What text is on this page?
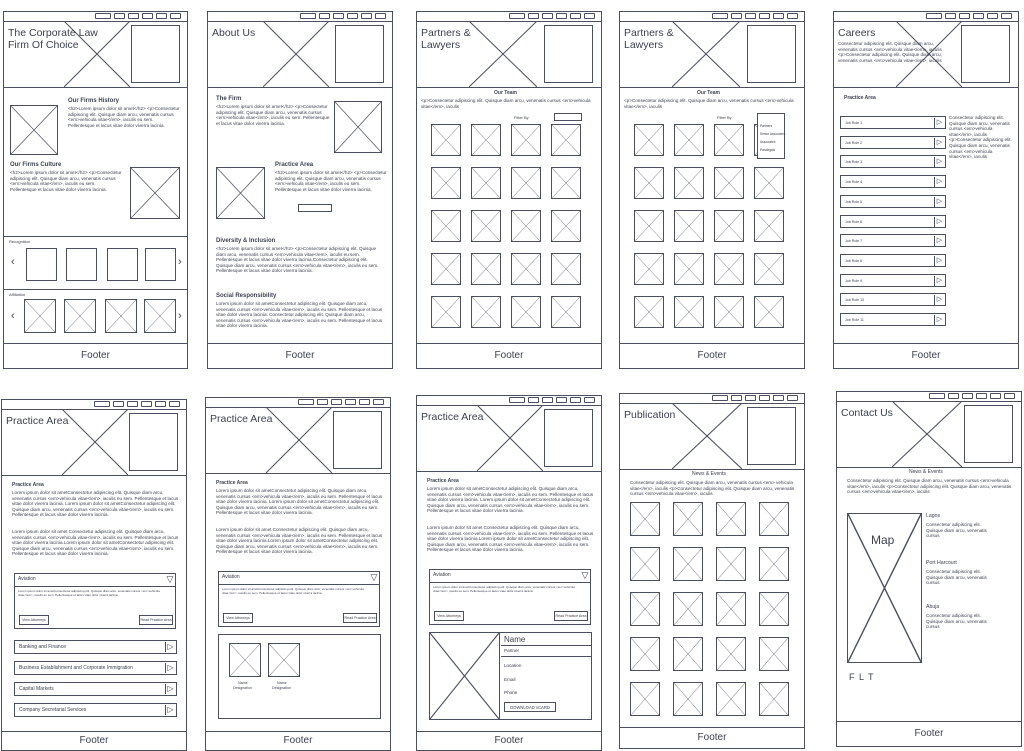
The Corporate Law Firm Of Choice
Our Firms History
<h2>Lorem ipsum dolor sit amet</h2> <p>Consectetur adipiscing elit. Quisque diam arcu, venenatis cursus <em>vehicula vitae</em>, iaculis eu sem. Pellentesque et lacus vitae dolor viverra lacinia.
Our Firms Culture
<h2>Lorem ipsum dolor sit amet</h2> <p>Consectetur adipiscing elit. Quisque diam arcu, venenatis cursus <em>vehicula vitae</em>, iaculis eu sem. Pellentesque et lacus vitae dolor viverra lacinia.
Recognition
‹	›
Affiliation
‹	›
Footer
About Us
The Firm
<h2>Lorem ipsum dolor sit amet</h2> <p>Consectetur adipiscing elit. Quisque diam arcu, venenatis cursus <em>vehicula vitae</em>, iaculis eu sem. Pellentesque et lacus vitae dolor viverra lacinia.
Practice Area
<h2>Lorem ipsum dolor sit amet</h2> <p>Consectetur adipiscing elit. Quisque diam arcu, venenatis cursus <em>vehicula vitae</em>, iaculis eu sem. Pellentesque et lacus vitae dolor viverra lacinia.
Diversity & Inclusion
<h2>Lorem ipsum dolor sit amet</h2> <p>Consectetur adipiscing elit. Quisque diam arcu, venenatis cursus <em>vehicula vitae</em>, iaculis eu sem. Pellentesque et lacus vitae dolor viverra lacinia.Consectetur adipiscing elit. Quisque diam arcu, venenatis cursus <em>vehicula vitae</em>, iaculis eu sem. Pellentesque et lacus vitae dolor viverra lacinia.
Social Responsibility
Lorem ipsum dolor sit ametConsectetur adipiscing elit. Quisque diam arcu, venenatis cursus <em>vehicula vitae</em>, iaculis eu sem. Pellentesque et lacus vitae dolor viverra lacinia. Consectetur adipiscing elit. Quisque diam arcu, venenatis cursus <em>vehicula vitae</em>, iaculis eu sem. Pellentesque et lacus vitae dolor viverra lacinia.
Footer
Partners & Lawyers
Our Team
<p>Consectetur adipiscing elit. Quisque diam arcu, venenatis cursus <em>vehicula vitae</em>, iaculis
Filter By
Footer
Partners & Lawyers
Our Team
<p>Consectetur adipiscing elit. Quisque diam arcu, venenatis cursus <em>vehicula vitae</em>, iaculis
Filter By
Partners
Senior Associates
Associates
Paralegals
Footer
Careers
Consectetur adipiscing elit. Quisque diam arcu, venenatis cursus <em>vehicula vitae</em>, iaculis <p>Consectetur adipiscing elit. Quisque diam arcu, venenatis cursus <em>vehicula vitae</em>, iaculis
Practice Area
Job Role 1	▷
Job Role 2	▷
Job Role 3	▷
Job Role 4	▷
Job Role 5	▷
Job Role 6	▷
Job Role 7	▷
Job Role 8	▷
Job Role 9	▷
Job Role 10	▷
Job Role 11	▷
Consectetur adipiscing elit. Quisque diam arcu, venenatis cursus <em>vehicula vitae</em>, iaculis <p>Consectetur adipiscing elit. Quisque diam arcu, venenatis cursus <em>vehicula vitae</em>, iaculis
Footer
Practice Area
Practice Area
Lorem ipsum dolor sit ametConsectetur adipiscing elit. Quisque diam arcu, venenatis cursus <em>vehicula vitae</em>, iaculis eu sem. Pellentesque et lacus vitae dolor viverra lacinia. Lorem ipsum dolor sit ametConsectetur adipiscing elit. Quisque diam arcu, venenatis cursus <em>vehicula vitae</em>, iaculis eu sem. Pellentesque et lacus vitae dolor viverra lacinia.
Lorem ipsum dolor sit amet Consectetur adipiscing elit. Quisque diam arcu, venenatis cursus <em>vehicula vitae</em>, iaculis eu sem. Pellentesque et lacus vitae dolor viverra lacinia.Lorem ipsum dolor sit ametConsectetur adipiscing elit. Quisque diam arcu, venenatis cursus <em>vehicula vitae</em>, iaculis eu sem. Pellentesque et lacus vitae dolor viverra lacinia.
Aviation	▽
Lorem ipsum dolor sit ametConsectetur adipiscing elit. Quisque diam arcu, venenatis cursus <em>vehicula vitae</em>, iaculis eu sem. Pellentesque et lacus vitae dolor viverra lacinia.
View Attorneys	Read Practice Area
Banking and Finance	▷
Business Establishment and Corporate Immigration	▷
Capital Markets	▷
Company Secretarial Services	▷
Footer
Practice Area
Practice Area
Lorem ipsum dolor sit ametConsectetur adipiscing elit. Quisque diam arcu, venenatis cursus <em>vehicula vitae</em>, iaculis eu sem. Pellentesque et lacus vitae dolor viverra lacinia. Lorem ipsum dolor sit ametConsectetur adipiscing elit. Quisque diam arcu, venenatis cursus <em>vehicula vitae</em>, iaculis eu sem. Pellentesque et lacus vitae dolor viverra lacinia.
Lorem ipsum dolor sit amet Consectetur adipiscing elit. Quisque diam arcu, venenatis cursus <em>vehicula vitae</em>, iaculis eu sem. Pellentesque et lacus vitae dolor viverra lacinia.Lorem ipsum dolor sit ametConsectetur adipiscing elit. Quisque diam arcu, venenatis cursus <em>vehicula vitae</em>, iaculis eu sem. Pellentesque et lacus vitae dolor viverra lacinia.
Aviation	▽
Lorem ipsum dolor sit ametConsectetur adipiscing elit. Quisque diam arcu, venenatis cursus <em>vehicula vitae</em>, iaculis eu sem. Pellentesque et lacus vitae dolor viverra lacinia.
View Attorneys	Read Practice Area
Name
Designation
Name
Designation
Footer
Practice Area
Practice Area
Lorem ipsum dolor sit ametConsectetur adipiscing elit. Quisque diam arcu, venenatis cursus <em>vehicula vitae</em>, iaculis eu sem. Pellentesque et lacus vitae dolor viverra lacinia. Lorem ipsum dolor sit ametConsectetur adipiscing elit. Quisque diam arcu, venenatis cursus <em>vehicula vitae</em>, iaculis eu sem. Pellentesque et lacus vitae dolor viverra lacinia.
Lorem ipsum dolor sit amet Consectetur adipiscing elit. Quisque diam arcu, venenatis cursus <em>vehicula vitae</em>, iaculis eu sem. Pellentesque et lacus vitae dolor viverra lacinia.Lorem ipsum dolor sit ametConsectetur adipiscing elit. Quisque diam arcu, venenatis cursus <em>vehicula vitae</em>, iaculis eu sem. Pellentesque et lacus vitae dolor viverra lacinia.
Aviation	▽
Lorem ipsum dolor sit ametConsectetur adipiscing elit. Quisque diam arcu, venenatis cursus <em>vehicula vitae</em>, iaculis eu sem. Pellentesque et lacus vitae dolor viverra lacinia.
View Attorneys	Read Practice Area
Name
Partner
Location
Email
Phone
DOWNLOAD vCARD
Footer
Publication
News & Events
Consectetur adipiscing elit. Quisque diam arcu, venenatis cursus <em> vehicula vitae</em>, iaculis <p>Consectetur adipiscing elit. Quisque diam arcu, venenatis cursus <em>vehicula vitae</em>, iaculis
Footer
Contact Us
News & Events
Consectetur adipiscing elit. Quisque diam arcu, venenatis cursus <em>vehicula vitae</em>, iaculis <p>Consectetur adipiscing elit. Quisque diam arcu, venenatis cursus <em>vehicula vitae</em>, iaculis
Map
F L T
Lagos
Consectetur adipiscing elit. Quisque diam arcu, venenatis cursus
Port Harcourt
Consectetur adipiscing elit. Quisque diam arcu, venenatis cursus
Abuja
Consectetur adipiscing elit. Quisque diam arcu, venenatis cursus
Footer
